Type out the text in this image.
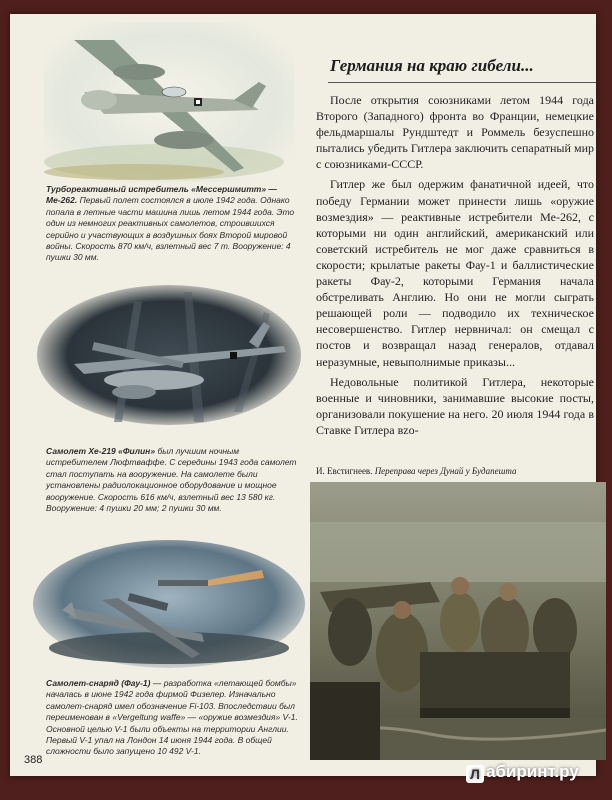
Турбореактивный истребитель «Мессершмитт» — Ме-262. Первый полет состоялся в июле 1942 года. Однако попала в летные части машина лишь летом 1944 года. Это один из немногих реактивных самолетов, строившихся серийно и участвующих в воздушных боях Второй мировой войны. Скорость 870 км/ч, взлетный вес 7 т. Вооружение: 4 пушки 30 мм.
Самолет Хе-219 «Филин» был лучшим ночным истребителем Люфтваффе. С середины 1943 года самолет стал поступать на вооружение. На самолете были установлены радиолокационное оборудование и мощное вооружение. Скорость 616 км/ч, взлетный вес 13 580 кг. Вооружение: 4 пушки 20 мм; 2 пушки 30 мм.
Самолет-снаряд (Фау-1) — разработка «летающей бомбы» началась в июне 1942 года фирмой Физелер. Изначально самолет-снаряд имел обозначение Fi-103. Впоследствии был переименован в «Vergeltung waffe» — «оружие возмездия» V-1. Основной целью V-1 были объекты на территории Англии. Первый V-1 упал на Лондон 14 июня 1944 года. В общей сложности было запущено 10 492 V-1.
Германия на краю гибели...

После открытия союзниками летом 1944 года Второго (Западного) фронта во Франции, немецкие фельдмаршалы Рундштедт и Роммель безуспешно пытались убедить Гитлера заключить сепаратный мир с союзниками-СССР.

Гитлер же был одержим фанатичной идеей, что победу Германии может принести лишь «оружие возмездия» — реактивные истребители Ме-262, с которыми ни один английский, американский или советский истребитель не мог даже сравниться в скорости; крылатые ракеты Фау-1 и баллистические ракеты Фау-2, которыми Германия начала обстреливать Англию. Но они не могли сыграть решающей роли — подводило их техническое несовершенство. Гитлер нервничал: он смещал с постов и возвращал назад генералов, отдавал неразумные, невыполнимые приказы...

Недовольные политикой Гитлера, некоторые военные и чиновники, занимавшие высокие посты, организовали покушение на него. 20 июля 1944 года в Ставке Гитлера вzо-

И. Евстигнеев. Переправа через Дунай у Будапешта
388
Л абиринт.ру
